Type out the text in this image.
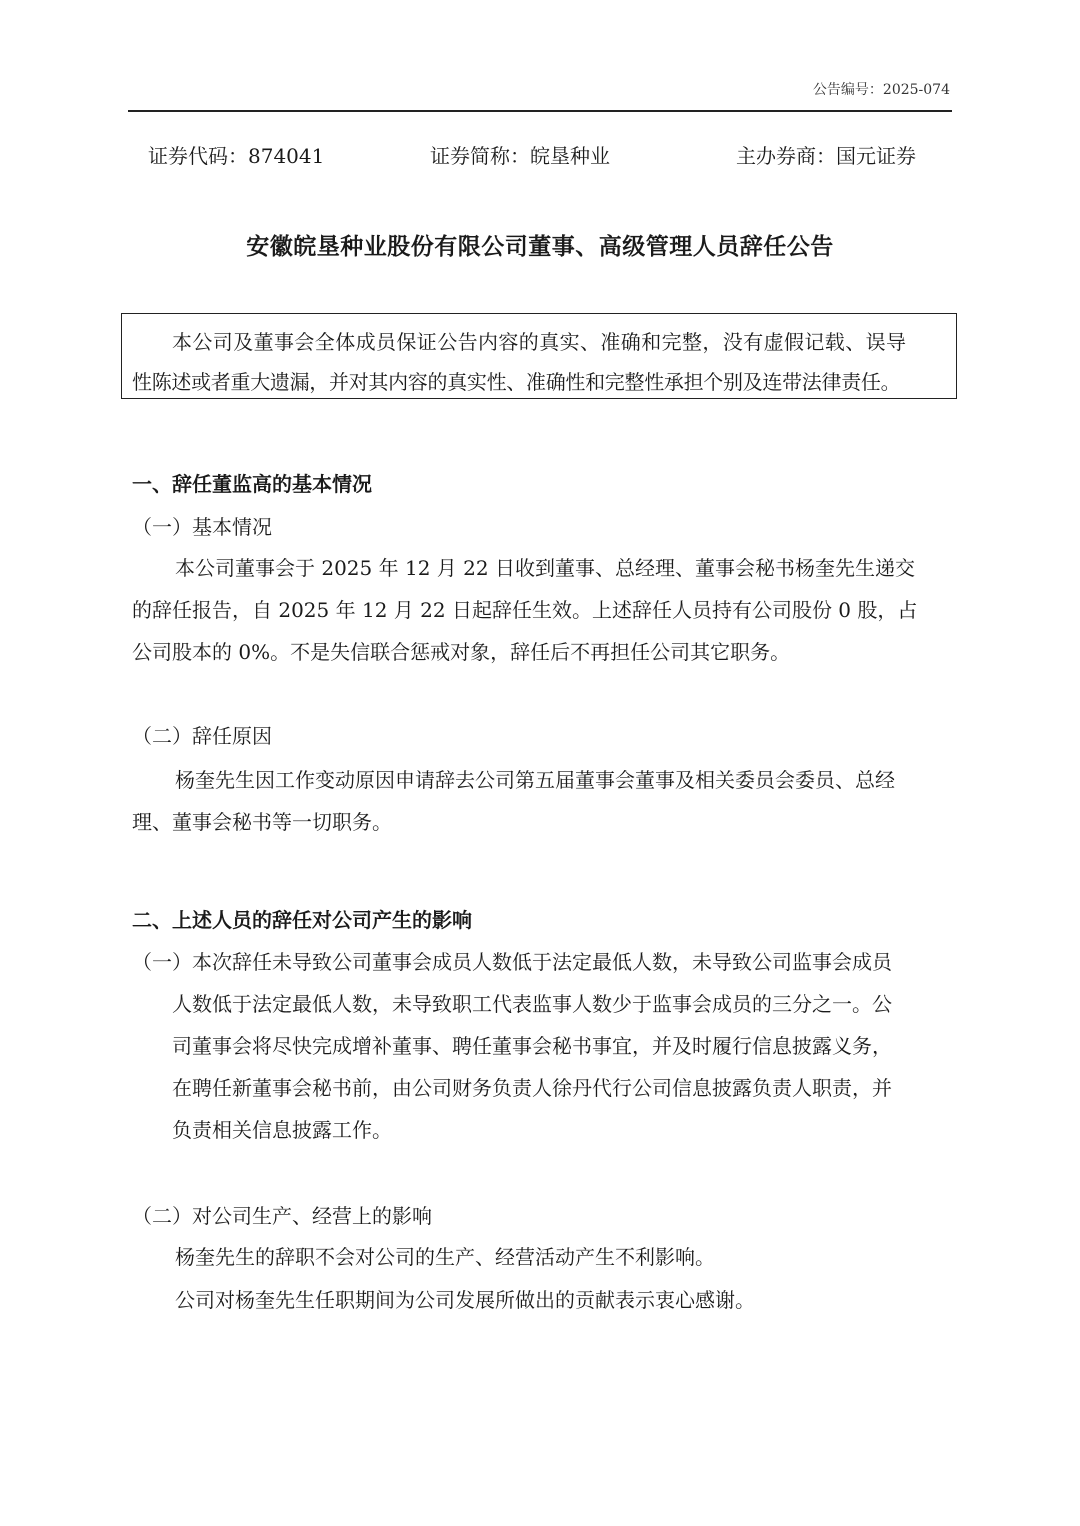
公告编号：2025-074
证券代码：874041	证券简称：皖垦种业	主办券商：国元证券
安徽皖垦种业股份有限公司董事、高级管理人员辞任公告
本公司及董事会全体成员保证公告内容的真实、准确和完整，没有虚假记载、误导
性陈述或者重大遗漏，并对其内容的真实性、准确性和完整性承担个别及连带法律责任。
一、辞任董监高的基本情况
（一）基本情况
本公司董事会于 2025 年 12 月 22 日收到董事、总经理、董事会秘书杨奎先生递交
的辞任报告，自 2025 年 12 月 22 日起辞任生效。上述辞任人员持有公司股份 0 股，占
公司股本的 0%。不是失信联合惩戒对象，辞任后不再担任公司其它职务。
（二）辞任原因
杨奎先生因工作变动原因申请辞去公司第五届董事会董事及相关委员会委员、总经
理、董事会秘书等一切职务。
二、上述人员的辞任对公司产生的影响
（一）本次辞任未导致公司董事会成员人数低于法定最低人数，未导致公司监事会成员
人数低于法定最低人数，未导致职工代表监事人数少于监事会成员的三分之一。公
司董事会将尽快完成增补董事、聘任董事会秘书事宜，并及时履行信息披露义务，
在聘任新董事会秘书前，由公司财务负责人徐丹代行公司信息披露负责人职责，并
负责相关信息披露工作。
（二）对公司生产、经营上的影响
杨奎先生的辞职不会对公司的生产、经营活动产生不利影响。
公司对杨奎先生任职期间为公司发展所做出的贡献表示衷心感谢。
